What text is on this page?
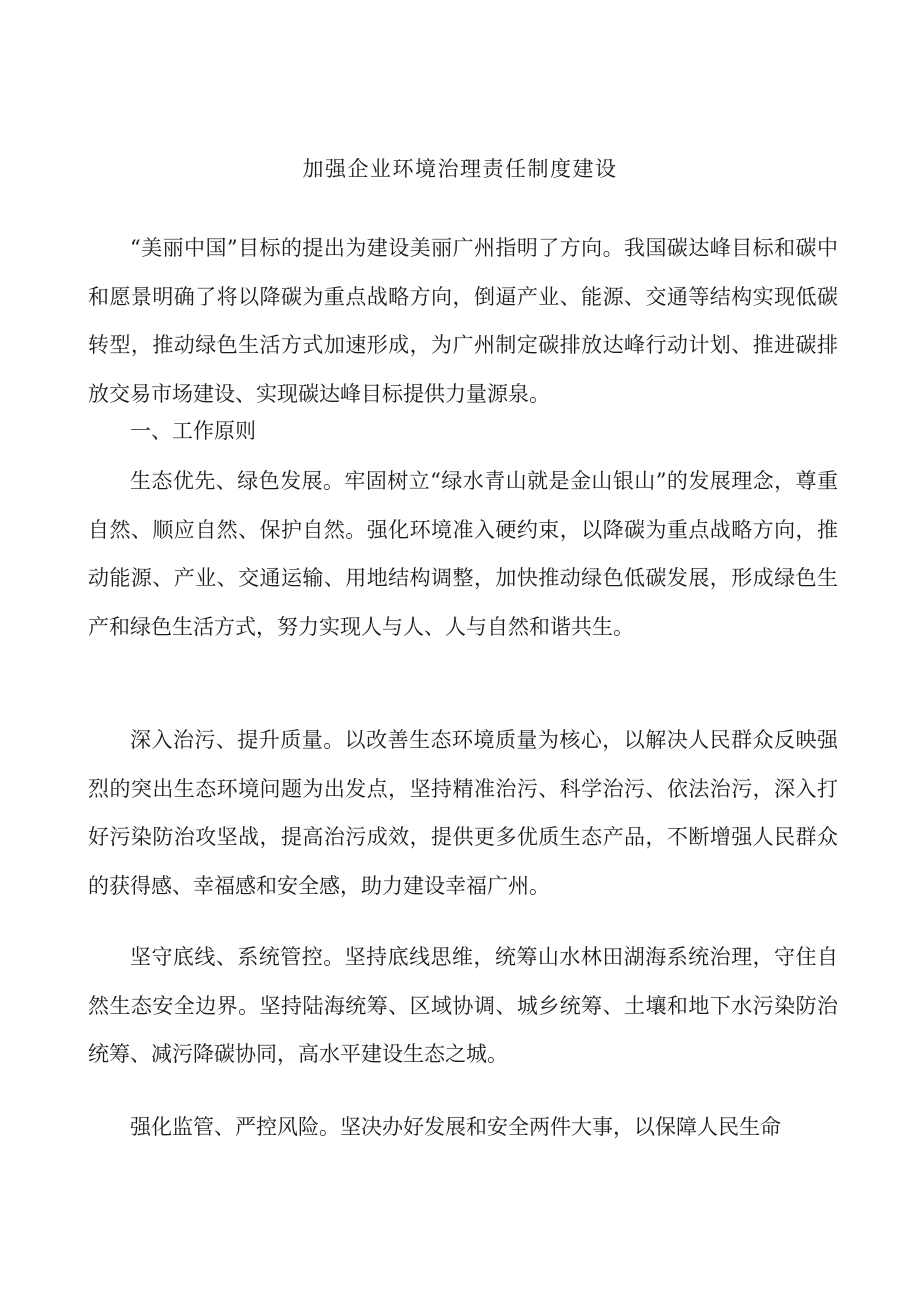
加强企业环境治理责任制度建设

“美丽中国”目标的提出为建设美丽广州指明了方向。我国碳达峰目标和碳中和愿景明确了将以降碳为重点战略方向，倒逼产业、能源、交通等结构实现低碳转型，推动绿色生活方式加速形成，为广州制定碳排放达峰行动计划、推进碳排放交易市场建设、实现碳达峰目标提供力量源泉。

一、工作原则

生态优先、绿色发展。牢固树立“绿水青山就是金山银山”的发展理念，尊重自然、顺应自然、保护自然。强化环境准入硬约束，以降碳为重点战略方向，推动能源、产业、交通运输、用地结构调整，加快推动绿色低碳发展，形成绿色生产和绿色生活方式，努力实现人与人、人与自然和谐共生。

深入治污、提升质量。以改善生态环境质量为核心，以解决人民群众反映强烈的突出生态环境问题为出发点，坚持精准治污、科学治污、依法治污，深入打好污染防治攻坚战，提高治污成效，提供更多优质生态产品，不断增强人民群众的获得感、幸福感和安全感，助力建设幸福广州。

坚守底线、系统管控。坚持底线思维，统筹山水林田湖海系统治理，守住自然生态安全边界。坚持陆海统筹、区域协调、城乡统筹、土壤和地下水污染防治统筹、减污降碳协同，高水平建设生态之城。

强化监管、严控风险。坚决办好发展和安全两件大事，以保障人民生命
